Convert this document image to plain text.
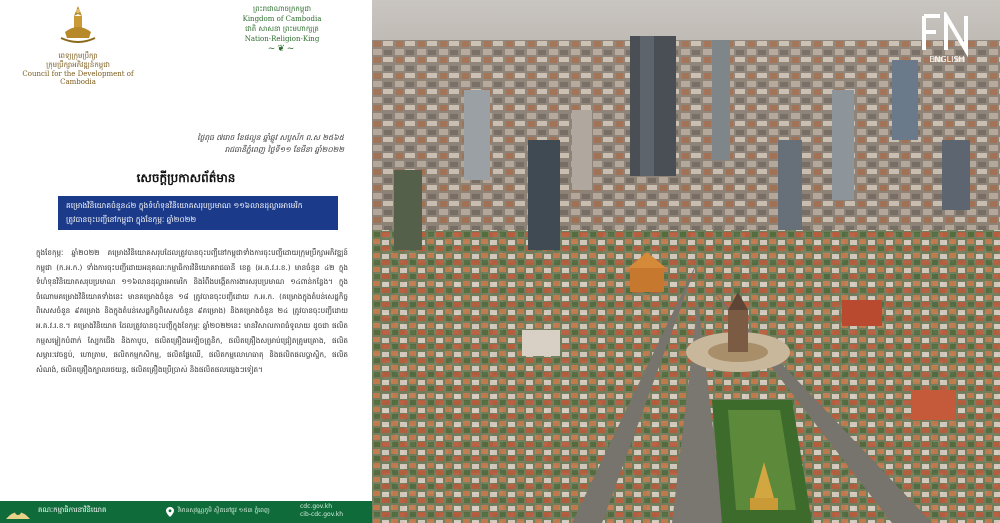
ពេទ្យក្រុមប្រឹក្សា
ក្រុមប្រឹក្សាអភិវឌ្ឍន៍កម្ពុជា
Council for the Development of Cambodia
ព្រះរាជាណាចក្រកម្ពុជា
Kingdom of Cambodia
ជាតិ សាសនា ព្រះមហាក្សត្រ
Nation-Religion-King
~❦~
ថ្ងៃពុធ ៧រោច ខែផល្គុន ឆ្នាំឆ្លូវ សប្តស័ក ព.ស ២៥៦៥
រាជធានីភ្នំពេញ ថ្ងៃទី១១ ខែមីនា ឆ្នាំ២០២២
សេចក្តីប្រកាសព័ត៌មាន
គម្រោងវិនិយោគចំនួន៤២ ក្នុងទំហំទុនវិនិយោគសរុបប្រមាណ ១១៦លានដុល្លារអាមេរិក
ត្រូវបានចុះបញ្ជីនៅកម្ពុជា ក្នុងខែកុម្ភៈ ឆ្នាំ២០២២
ក្នុងខែកុម្ភៈ ឆ្នាំ២០២២ គម្រោងវិនិយោគសរុបដែលត្រូវបានចុះបញ្ជីនៅកម្ពុជាទាំងការចុះបញ្ជីដោយក្រុមប្រឹក្សាអភិវឌ្ឍន៍កម្ពុជា (ក.អ.ក.) ទាំងការចុះបញ្ជីដោយអនុគណៈកម្មាធិការវិនិយោគរាជធានី ខេត្ត (អ.គ.វ.រ.ខ.) មានចំនួន ៤២ ក្នុងទំហំទុនវិនិយោគសរុបប្រមាណ ១១៦លានដុល្លារអាមេរិក និងរំពឹងបង្កើតការងារសរុបប្រមាណ ១៤ពាន់កន្លែង។ ក្នុងចំណោមគម្រោងវិនិយោគទាំងនេះ មានគម្រោងចំនួន ១៨ ត្រូវបានចុះបញ្ជីដោយ ក.អ.ក. (គម្រោងក្នុងតំបន់សេដ្ឋកិច្ចពិសេសចំនួន ៩គម្រោង និងក្នុងតំបន់សេដ្ឋកិច្ចពិសេសចំនួន ៩គម្រោង) និងគម្រោងចំនួន ២៤ ត្រូវបានចុះបញ្ជីដោយ អ.គ.វ.រ.ខ.។ គម្រោងវិនិយោគ ដែលត្រូវបានចុះបញ្ជីក្នុងខែកុម្ភៈ ឆ្នាំ២០២២នេះ មានវិសាលភាពធំទូលាយ ដូចជា ផលិតកម្មសម្លៀកបំពាក់ ស្បែកជើង និងកាបូប, ផលិតគ្រឿងអេឡិចត្រូនិក, ផលិតគ្រឿងសម្រាប់ជ្រៀតគ្រូមគ្រោង, ផលិតសម្ភារៈវេចខ្ចប់, ហោត្រាម, ផលិតកម្មកសិកម្ម, ផលិតផ្លែឈើ, ផលិតកម្មលោហធាតុ និងផលិតផលប្លាស្ទិក, ផលិតសំណង់, ផលិតគ្រឿងក្បាលរថយន្ត, ផលិតគ្រឿងប្រើប្រាស់ និងផលិតផលផ្សេងៗទៀត។
គណៈកម្មាធិការនាវិនិយោគ	វិមានសុវណ្ណភូមិ ស្ថិតនៅផ្លូវ ១៥៣ ភ្នំពេញ
cdc.gov.kh
cib-cdc.gov.kh
ENGLISH
